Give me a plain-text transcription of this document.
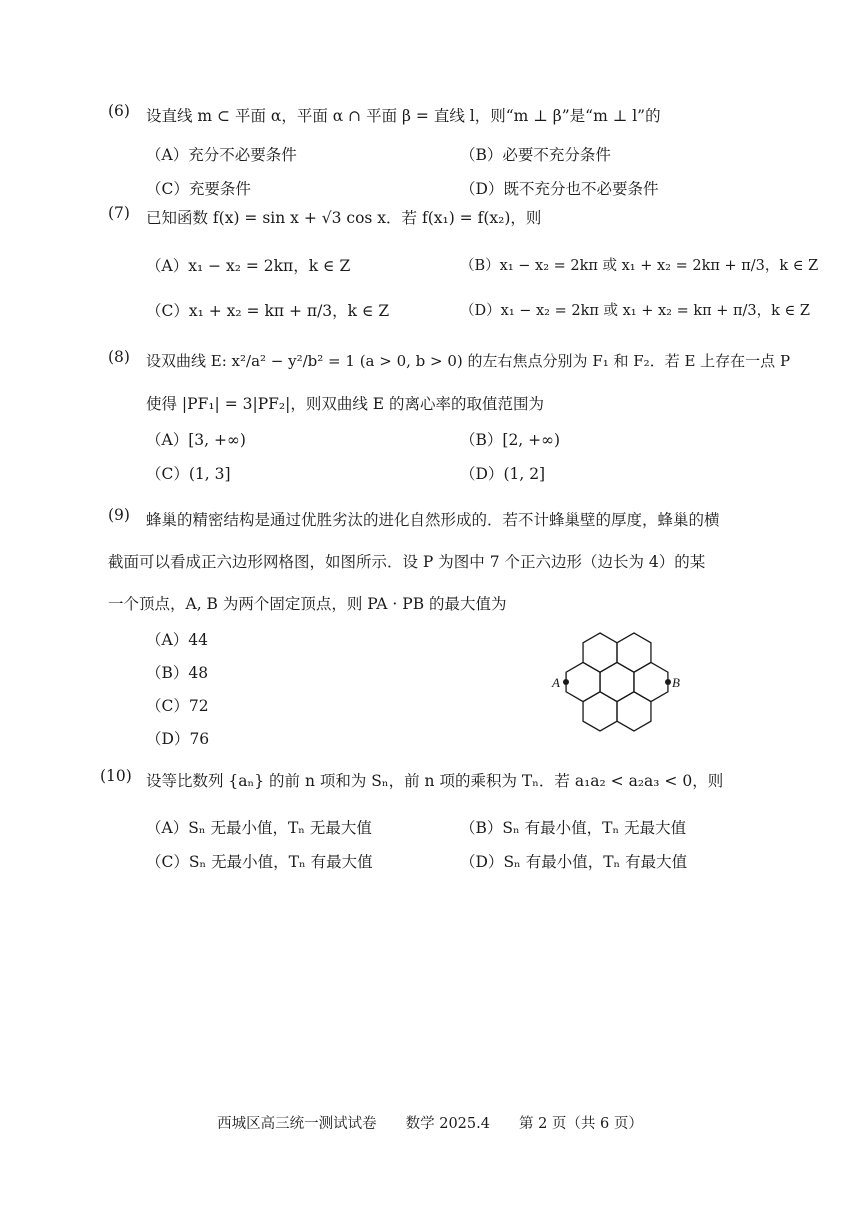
(6) 设直线 m ⊂ 平面 α，平面 α ∩ 平面 β = 直线 l，则“m ⊥ β”是“m ⊥ l”的
（A）充分不必要条件	（B）必要不充分条件
（C）充要条件	（D）既不充分也不必要条件
(7) 已知函数 f(x) = sin x + √3 cos x．若 f(x₁) = f(x₂)，则
（A）x₁ − x₂ = 2kπ，k ∈ Z	（B）x₁ − x₂ = 2kπ 或 x₁ + x₂ = 2kπ + π/3，k ∈ Z
（C）x₁ + x₂ = kπ + π/3，k ∈ Z	（D）x₁ − x₂ = 2kπ 或 x₁ + x₂ = kπ + π/3，k ∈ Z
(8) 设双曲线 E: x²/a² − y²/b² = 1 (a > 0, b > 0) 的左右焦点分别为 F₁ 和 F₂．若 E 上存在一点 P
使得 |PF₁| = 3|PF₂|，则双曲线 E 的离心率的取值范围为
（A）[3, +∞)	（B）[2, +∞)
（C）(1, 3]	（D）(1, 2]
(9) 蜂巢的精密结构是通过优胜劣汰的进化自然形成的．若不计蜂巢壁的厚度，蜂巢的横
截面可以看成正六边形网格图，如图所示．设 P 为图中 7 个正六边形（边长为 4）的某
一个顶点，A, B 为两个固定顶点，则 PA · PB 的最大值为
（A）44
（B）48
（C）72
（D）76
A	B
(10) 设等比数列 {aₙ} 的前 n 项和为 Sₙ，前 n 项的乘积为 Tₙ．若 a₁a₂ < a₂a₃ < 0，则
（A）Sₙ 无最小值，Tₙ 无最大值	（B）Sₙ 有最小值，Tₙ 无最大值
（C）Sₙ 无最小值，Tₙ 有最大值	（D）Sₙ 有最小值，Tₙ 有最大值
西城区高三统一测试试卷　　数学 2025.4　　第 2 页（共 6 页）
